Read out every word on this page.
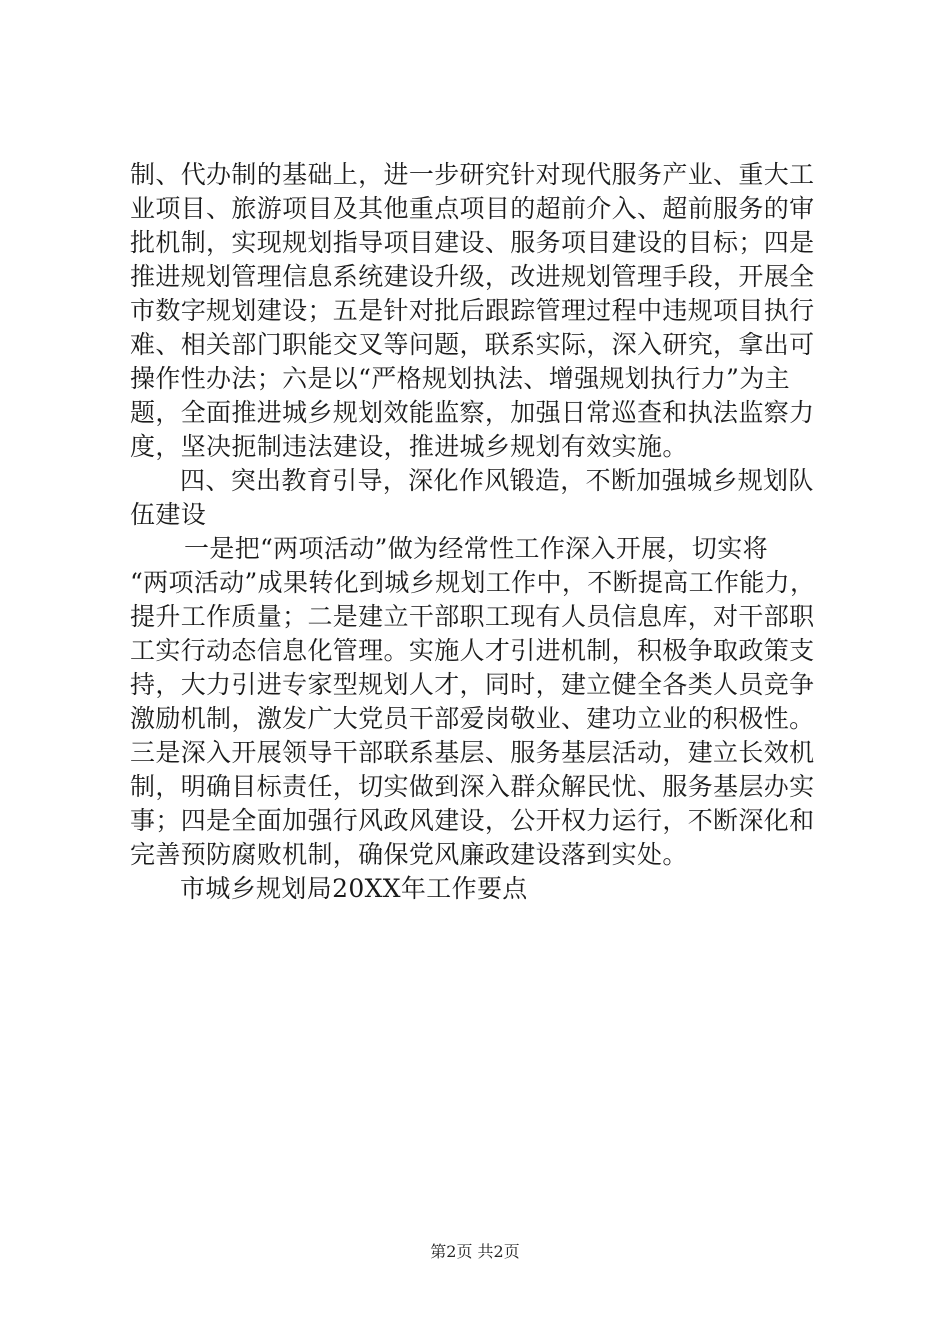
制、代办制的基础上，进一步研究针对现代服务产业、重大工
业项目、旅游项目及其他重点项目的超前介入、超前服务的审
批机制，实现规划指导项目建设、服务项目建设的目标；四是
推进规划管理信息系统建设升级，改进规划管理手段，开展全
市数字规划建设；五是针对批后跟踪管理过程中违规项目执行
难、相关部门职能交叉等问题，联系实际，深入研究，拿出可
操作性办法；六是以“严格规划执法、增强规划执行力”为主
题，全面推进城乡规划效能监察，加强日常巡查和执法监察力
度，坚决扼制违法建设，推进城乡规划有效实施。
四、突出教育引导，深化作风锻造，不断加强城乡规划队
伍建设
一是把“两项活动”做为经常性工作深入开展，切实将
“两项活动”成果转化到城乡规划工作中，不断提高工作能力，
提升工作质量；二是建立干部职工现有人员信息库，对干部职
工实行动态信息化管理。实施人才引进机制，积极争取政策支
持，大力引进专家型规划人才，同时，建立健全各类人员竞争
激励机制，激发广大党员干部爱岗敬业、建功立业的积极性。
三是深入开展领导干部联系基层、服务基层活动，建立长效机
制，明确目标责任，切实做到深入群众解民忧、服务基层办实
事；四是全面加强行风政风建设，公开权力运行，不断深化和
完善预防腐败机制，确保党风廉政建设落到实处。
市城乡规划局20XX年工作要点
第2页 共2页
